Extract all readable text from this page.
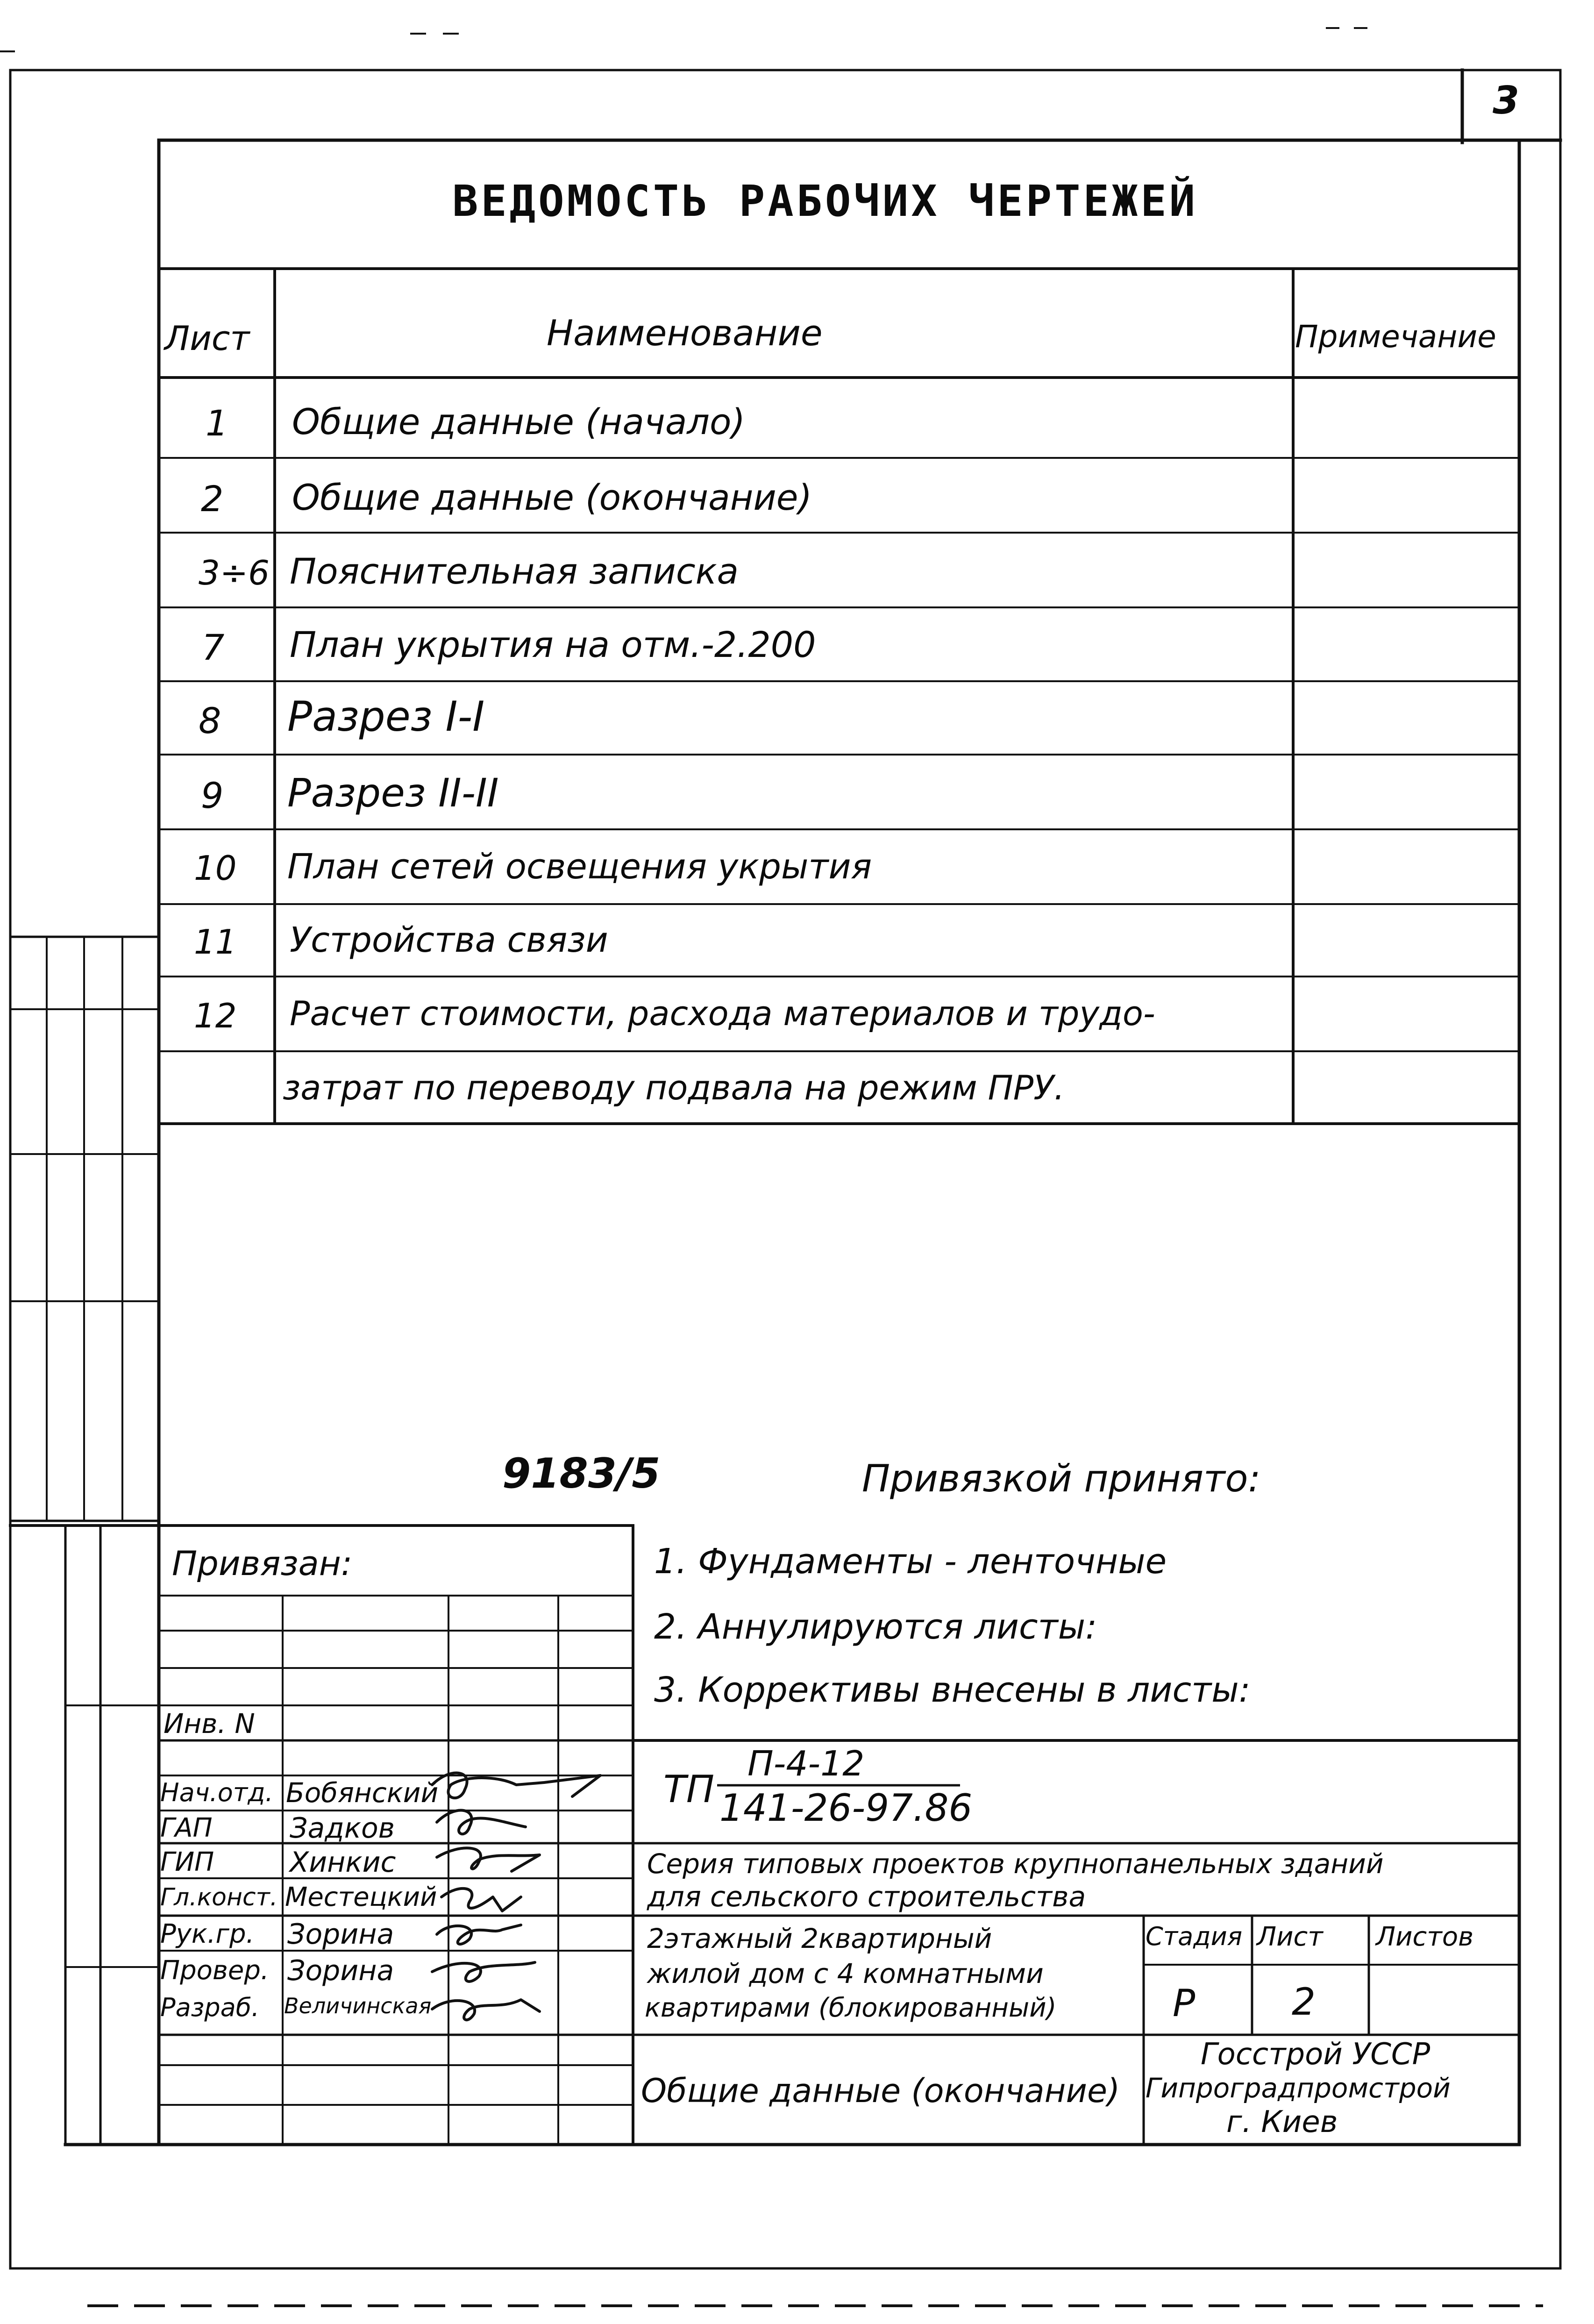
3
ВЕДОМОСТЬ РАБОЧИХ ЧЕРТЕЖЕЙ
Лист	Наименование	Примечание
1 Общие данные (начало)
2 Общие данные (окончание)
3÷6 Пояснительная записка
7 План укрытия на отм.-2.200
8 Разрез I-I
9 Разрез II-II
10 План сетей освещения укрытия
11 Устройства связи
12 Расчет стоимости, расхода материалов и трудо-
затрат по переводу подвала на режим ПРУ.
9183/5	Привязкой принято:
1. Фундаменты - ленточные
2. Аннулируются листы:
3. Коррективы внесены в листы:
Привязан:
Инв. N
Нач.отд. Бобянский
ГАП	Задков
ГИП	Хинкис
Гл.конст. Местецкий
Рук.гр. Зорина
Провер. Зорина
Разраб. Величинская
ТП
П-4-12
141-26-97.86
Серия типовых проектов крупнопанельных зданий
для сельского строительства
2этажный 2квартирный
жилой дом с 4 комнатными
квартирами (блокированный)
Стадия Лист Листов
Р	2
Общие данные (окончание)
Госстрой УССР
Гипроградпромстрой
г. Киев
